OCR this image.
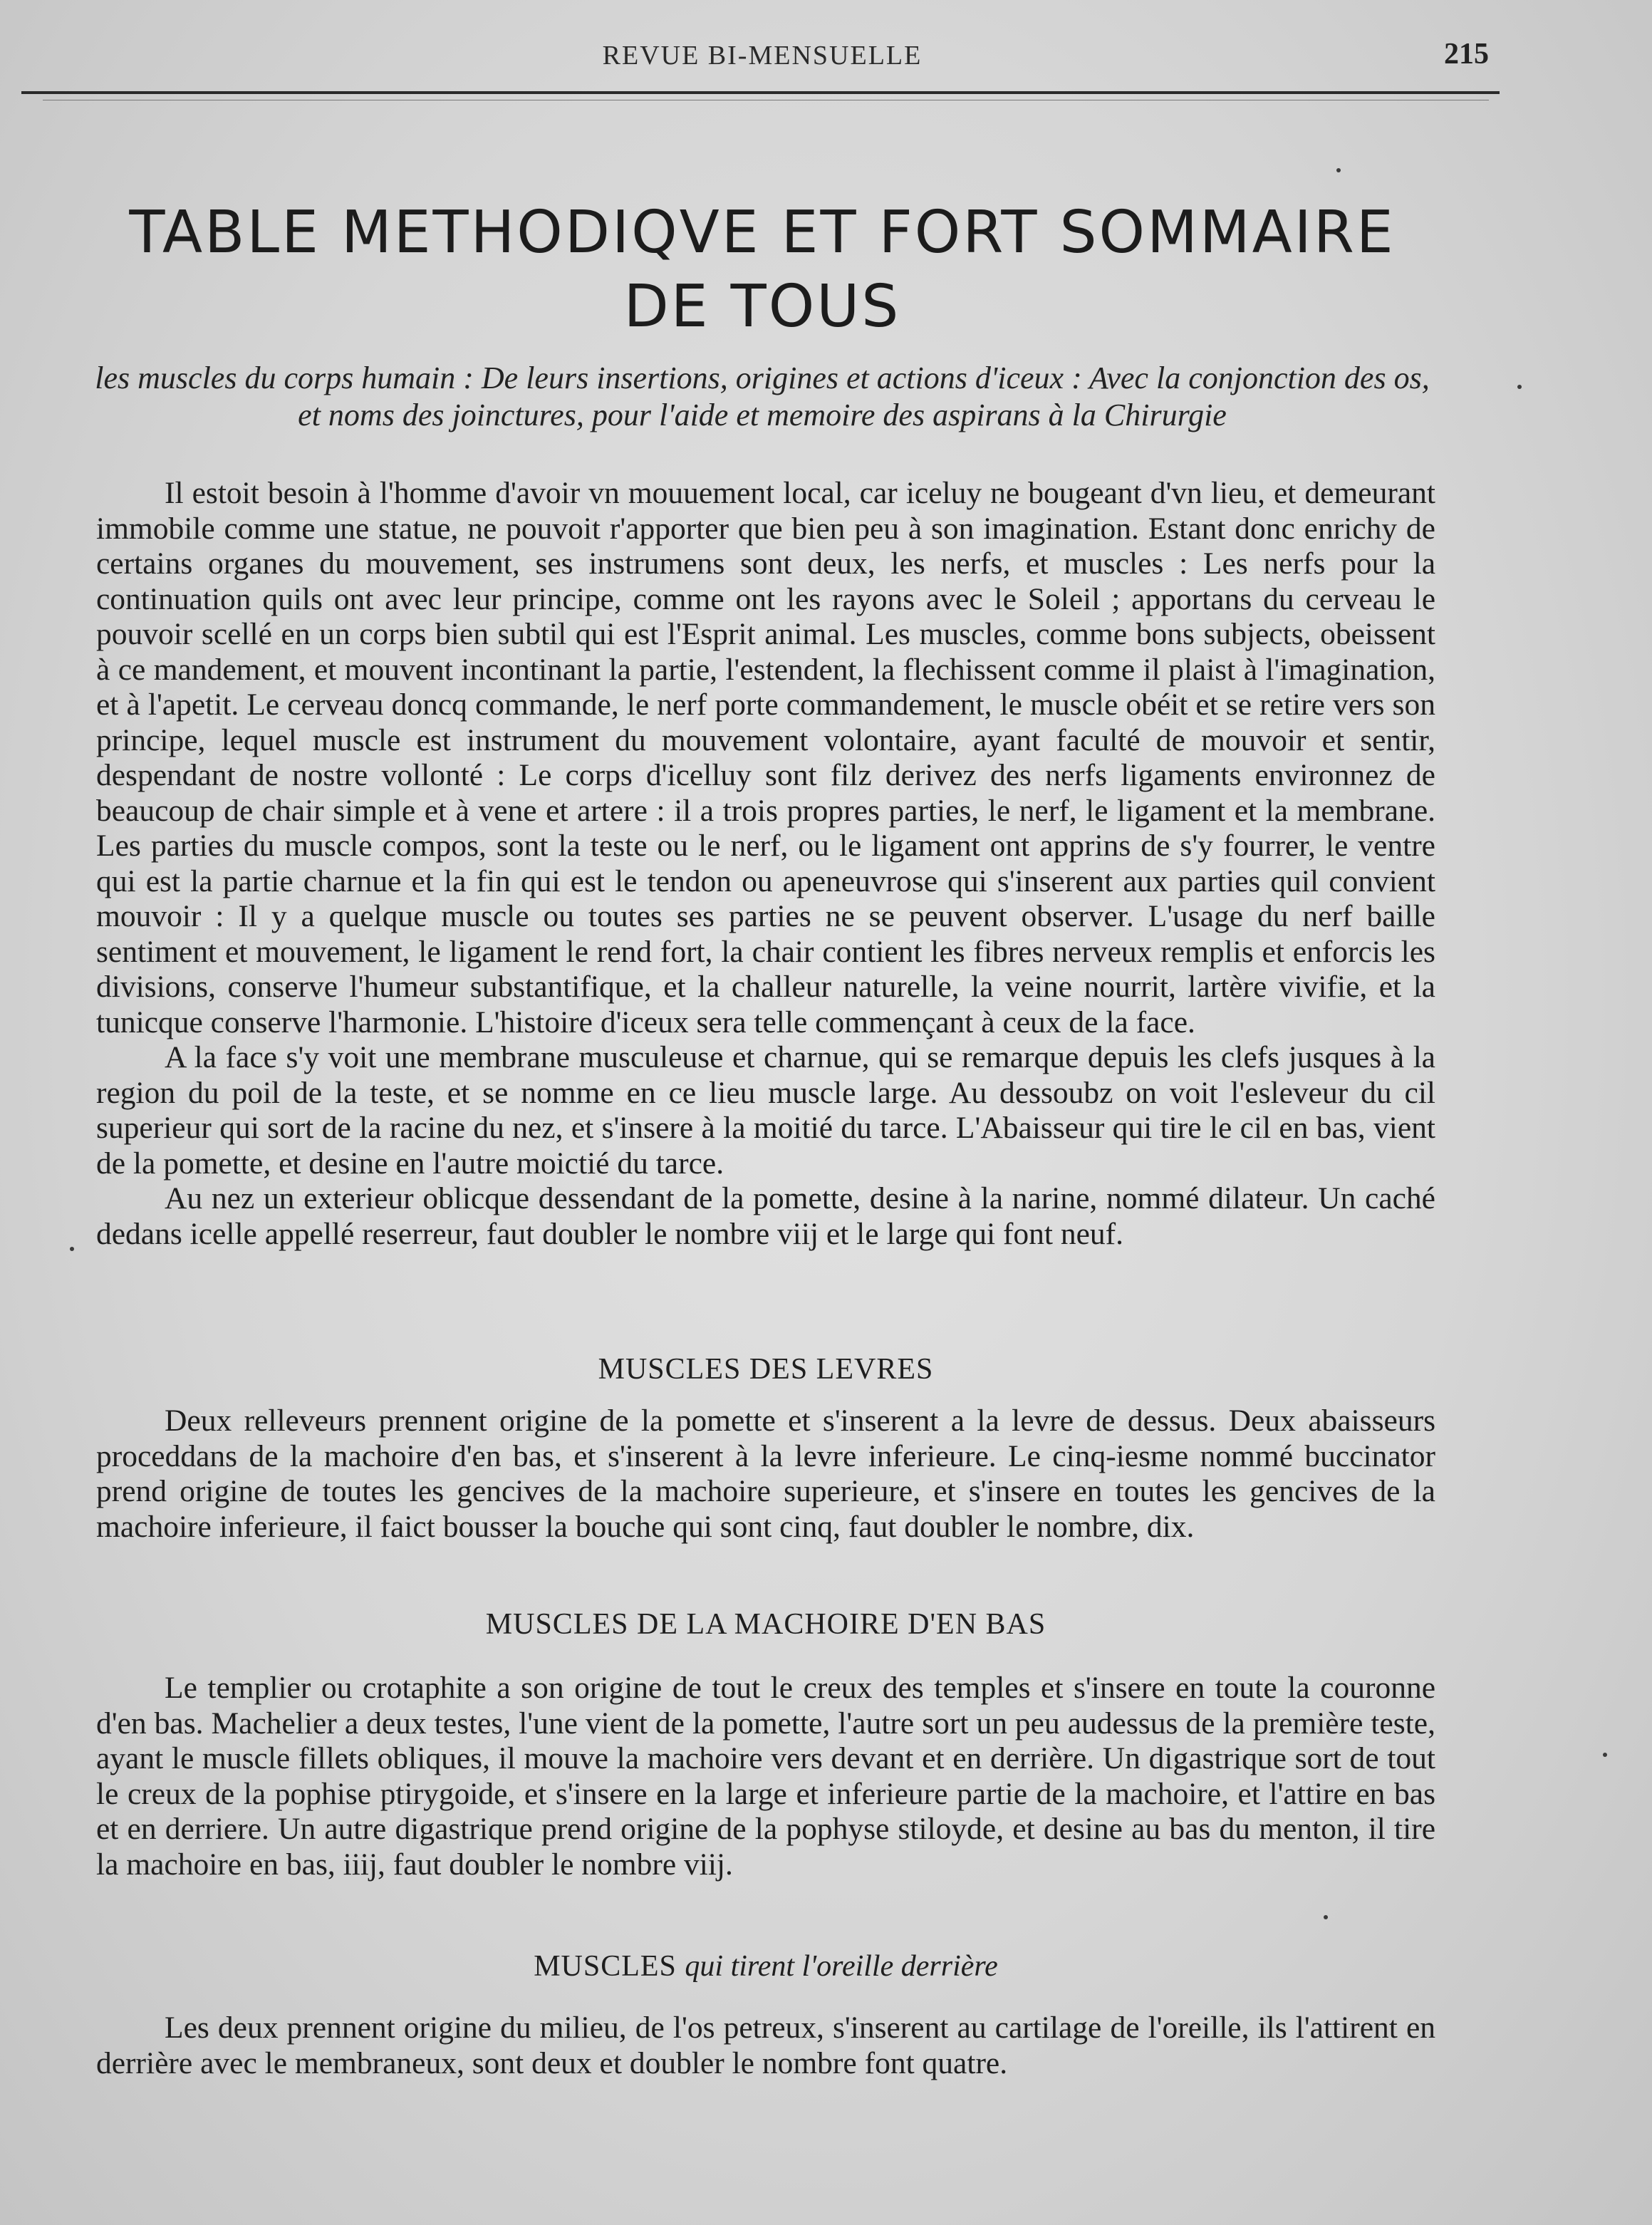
REVUE BI-MENSUELLE	215
TABLE METHODIQVE ET FORT SOMMAIRE
DE TOUS
les muscles du corps humain : De leurs insertions, origines et actions d'iceux : Avec la conjonction des os, et noms des joinctures, pour l'aide et memoire des aspirans à la Chirurgie

Il estoit besoin à l'homme d'avoir vn mouuement local, car iceluy ne bougeant d'vn lieu, et demeurant immobile comme une statue, ne pouvoit r'apporter que bien peu à son imagination. Estant donc enrichy de certains organes du mouvement, ses instrumens sont deux, les nerfs, et muscles : Les nerfs pour la continuation quils ont avec leur principe, comme ont les rayons avec le Soleil ; apportans du cerveau le pouvoir scellé en un corps bien subtil qui est l'Esprit animal. Les muscles, comme bons subjects, obeissent à ce mandement, et mouvent incontinant la partie, l'estendent, la flechissent comme il plaist à l'imagination, et à l'apetit. Le cerveau doncq commande, le nerf porte commandement, le muscle obéit et se retire vers son principe, lequel muscle est instrument du mouvement volontaire, ayant faculté de mouvoir et sentir, despendant de nostre vollonté : Le corps d'icelluy sont filz derivez des nerfs ligaments environnez de beaucoup de chair simple et à vene et artere : il a trois propres parties, le nerf, le ligament et la membrane. Les parties du muscle compos, sont la teste ou le nerf, ou le ligament ont apprins de s'y fourrer, le ventre qui est la partie charnue et la fin qui est le tendon ou apeneuvrose qui s'inserent aux parties quil convient mouvoir : Il y a quelque muscle ou toutes ses parties ne se peuvent observer. L'usage du nerf baille sentiment et mouvement, le ligament le rend fort, la chair contient les fibres nerveux remplis et enforcis les divisions, conserve l'humeur substantifique, et la challeur naturelle, la veine nourrit, lartère vivifie, et la tunicque conserve l'harmonie. L'histoire d'iceux sera telle commençant à ceux de la face.

A la face s'y voit une membrane musculeuse et charnue, qui se remarque depuis les clefs jusques à la region du poil de la teste, et se nomme en ce lieu muscle large. Au dessoubz on voit l'esleveur du cil superieur qui sort de la racine du nez, et s'insere à la moitié du tarce. L'Abaisseur qui tire le cil en bas, vient de la pomette, et desine en l'autre moictié du tarce.

Au nez un exterieur oblicque dessendant de la pomette, desine à la narine, nommé dilateur. Un caché dedans icelle appellé reserreur, faut doubler le nombre viij et le large qui font neuf.

MUSCLES DES LEVRES

Deux relleveurs prennent origine de la pomette et s'inserent a la levre de dessus. Deux abaisseurs proceddans de la machoire d'en bas, et s'inserent à la levre inferieure. Le cinq-iesme nommé buccinator prend origine de toutes les gencives de la machoire superieure, et s'insere en toutes les gencives de la machoire inferieure, il faict bousser la bouche qui sont cinq, faut doubler le nombre, dix.

MUSCLES DE LA MACHOIRE D'EN BAS

Le templier ou crotaphite a son origine de tout le creux des temples et s'insere en toute la couronne d'en bas. Machelier a deux testes, l'une vient de la pomette, l'autre sort un peu audessus de la première teste, ayant le muscle fillets obliques, il mouve la machoire vers devant et en derrière. Un digastrique sort de tout le creux de la pophise ptirygoide, et s'insere en la large et inferieure partie de la machoire, et l'attire en bas et en derriere. Un autre digastrique prend origine de la pophyse stiloyde, et desine au bas du menton, il tire la machoire en bas, iiij, faut doubler le nombre viij.

MUSCLES qui tirent l'oreille derrière

Les deux prennent origine du milieu, de l'os petreux, s'inserent au cartilage de l'oreille, ils l'attirent en derrière avec le membraneux, sont deux et doubler le nombre font quatre.
